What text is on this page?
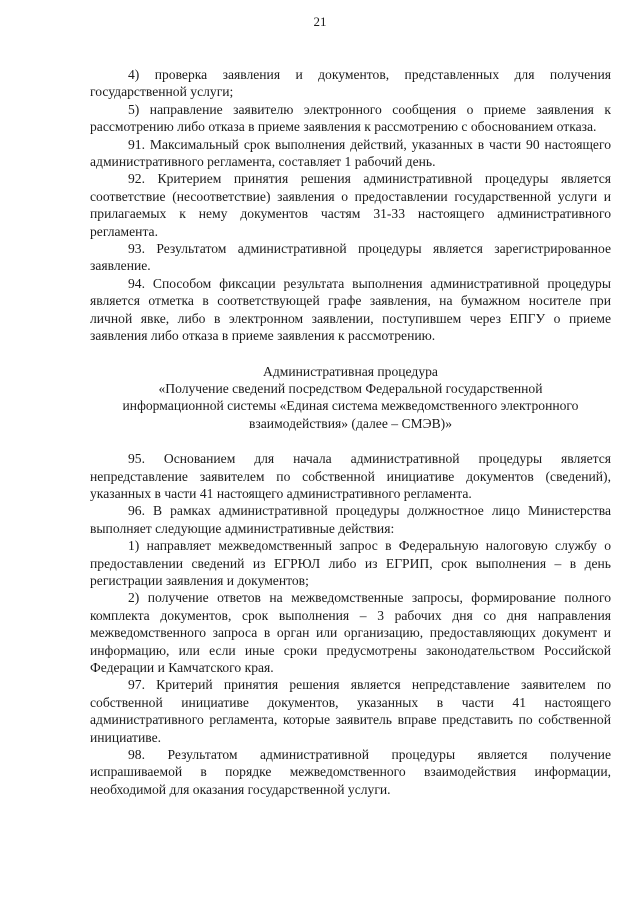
21

4) проверка заявления и документов, представленных для получения государственной услуги;

5) направление заявителю электронного сообщения о приеме заявления к рассмотрению либо отказа в приеме заявления к рассмотрению с обоснованием отказа.

91. Максимальный срок выполнения действий, указанных в части 90 настоящего административного регламента, составляет 1 рабочий день.

92. Критерием принятия решения административной процедуры является соответствие (несоответствие) заявления о предоставлении государственной услуги и прилагаемых к нему документов частям 31-33 настоящего административного регламента.

93. Результатом административной процедуры является зарегистрированное заявление.

94. Способом фиксации результата выполнения административной процедуры является отметка в соответствующей графе заявления, на бумажном носителе при личной явке, либо в электронном заявлении, поступившем через ЕПГУ о приеме заявления либо отказа в приеме заявления к рассмотрению.

Административная процедура

«Получение сведений посредством Федеральной государственной информационной системы «Единая система межведомственного электронного взаимодействия» (далее – СМЭВ)»

95. Основанием для начала административной процедуры является непредставление заявителем по собственной инициативе документов (сведений), указанных в части 41 настоящего административного регламента.

96. В рамках административной процедуры должностное лицо Министерства выполняет следующие административные действия:

1) направляет межведомственный запрос в Федеральную налоговую службу о предоставлении сведений из ЕГРЮЛ либо из ЕГРИП, срок выполнения – в день регистрации заявления и документов;

2) получение ответов на межведомственные запросы, формирование полного комплекта документов, срок выполнения – 3 рабочих дня со дня направления межведомственного запроса в орган или организацию, предоставляющих документ и информацию, или если иные сроки предусмотрены законодательством Российской Федерации и Камчатского края.

97. Критерий принятия решения является непредставление заявителем по собственной инициативе документов, указанных в части 41 настоящего административного регламента, которые заявитель вправе представить по собственной инициативе.

98. Результатом административной процедуры является получение испрашиваемой в порядке межведомственного взаимодействия информации, необходимой для оказания государственной услуги.
